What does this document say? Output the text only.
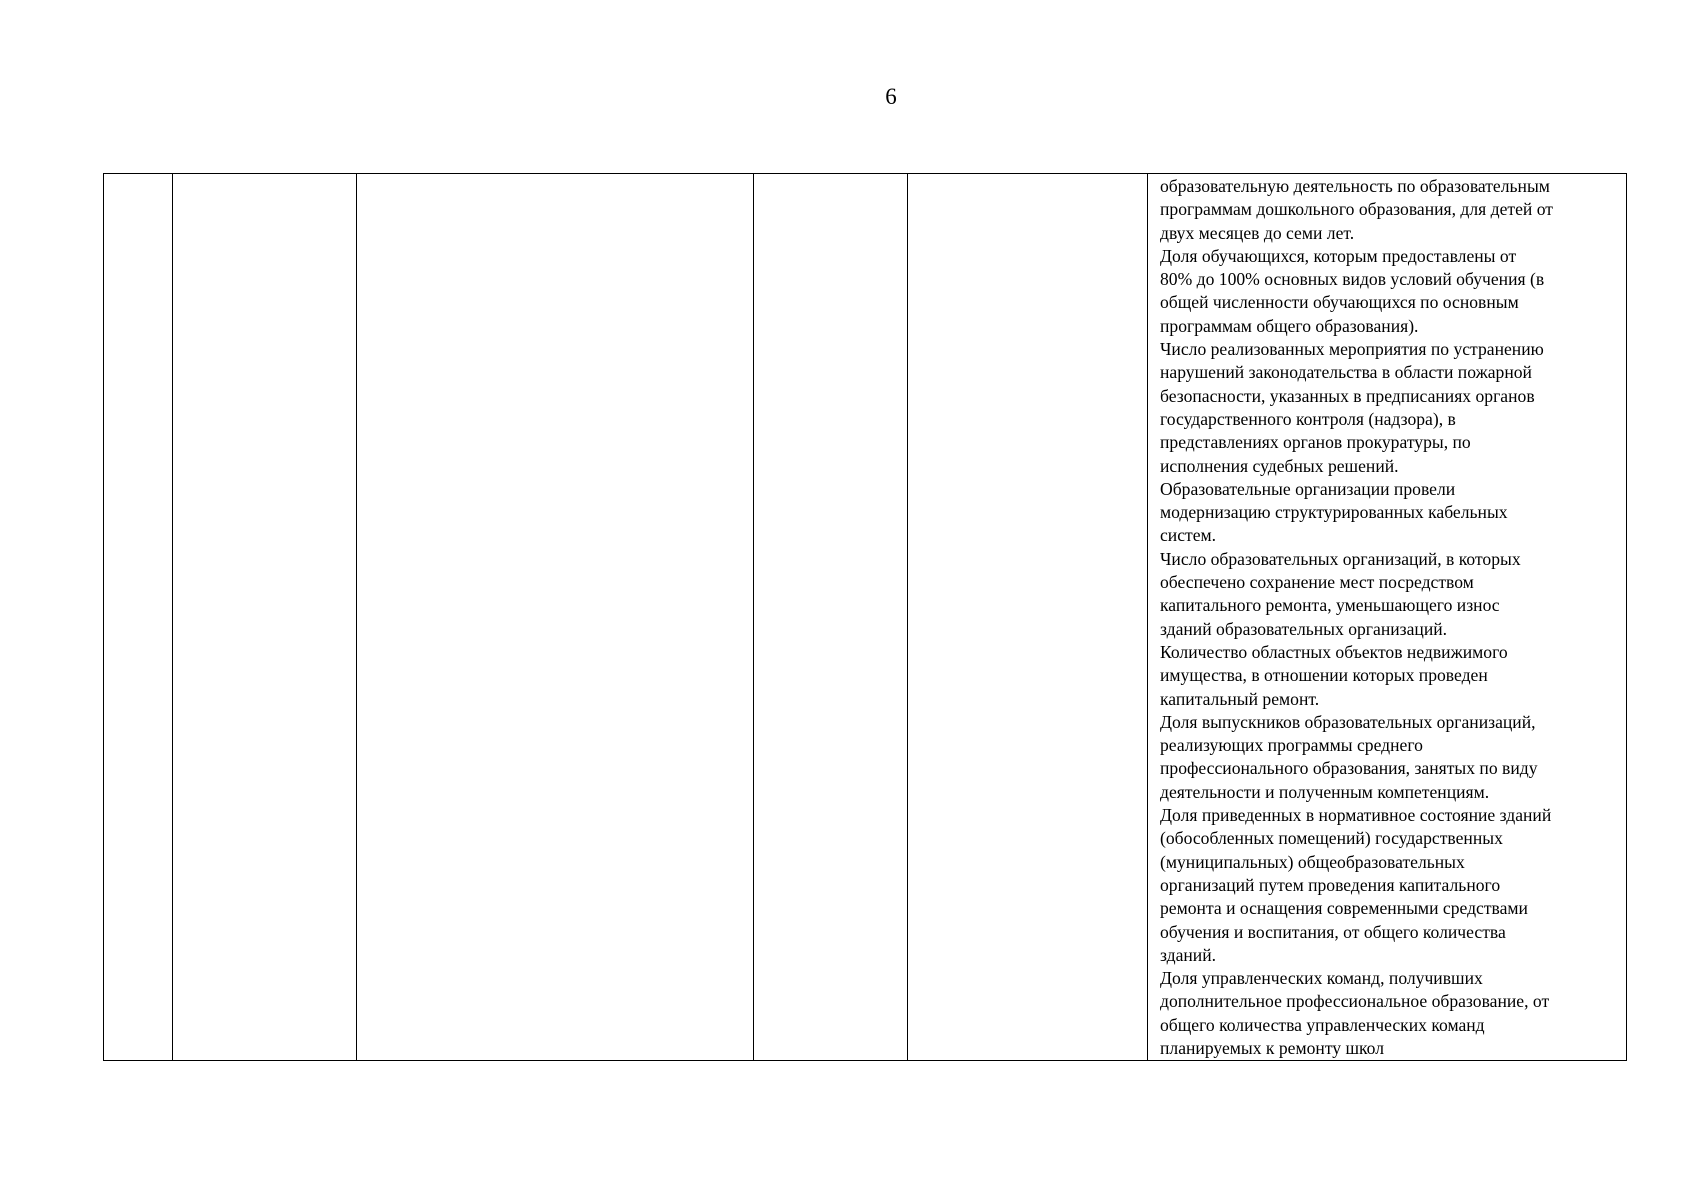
6

образовательную деятельность по образовательным
программам дошкольного образования, для детей от
двух месяцев до семи лет.

Доля обучающихся, которым предоставлены от
80% до 100% основных видов условий обучения (в
общей численности обучающихся по основным
программам общего образования).

Число реализованных мероприятия по устранению
нарушений законодательства в области пожарной
безопасности, указанных в предписаниях органов
государственного контроля (надзора), в
представлениях органов прокуратуры, по
исполнения судебных решений.

Образовательные организации провели
модернизацию структурированных кабельных
систем.

Число образовательных организаций, в которых
обеспечено сохранение мест посредством
капитального ремонта, уменьшающего износ
зданий образовательных организаций.

Количество областных объектов недвижимого
имущества, в отношении которых проведен
капитальный ремонт.

Доля выпускников образовательных организаций,
реализующих программы среднего
профессионального образования, занятых по виду
деятельности и полученным компетенциям.

Доля приведенных в нормативное состояние зданий
(обособленных помещений) государственных
(муниципальных) общеобразовательных
организаций путем проведения капитального
ремонта и оснащения современными средствами
обучения и воспитания, от общего количества
зданий.

Доля управленческих команд, получивших
дополнительное профессиональное образование, от
общего количества управленческих команд
планируемых к ремонту школ
